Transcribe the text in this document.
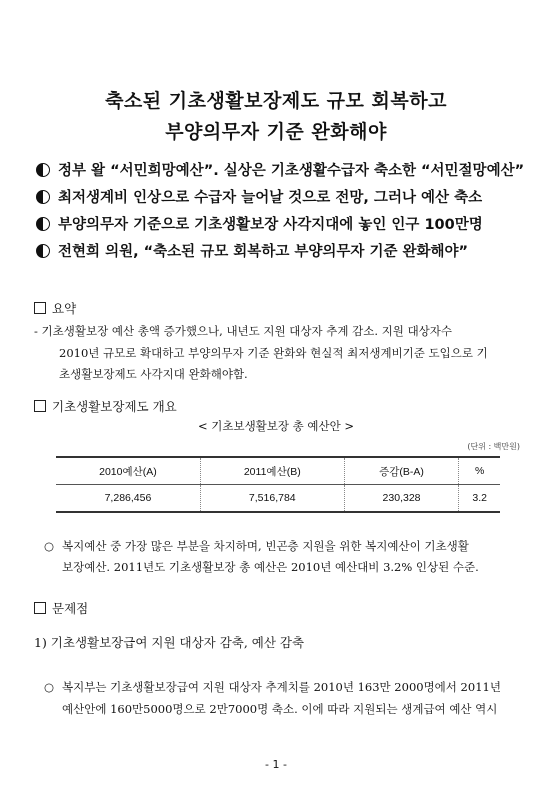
축소된 기초생활보장제도 규모 회복하고
부양의무자 기준 완화해야
정부 왈 “서민희망예산”. 실상은 기초생활수급자 축소한 “서민절망예산”
최저생계비 인상으로 수급자 늘어날 것으로 전망, 그러나 예산 축소
부양의무자 기준으로 기초생활보장 사각지대에 놓인 인구 100만명
전현희 의원, “축소된 규모 회복하고 부양의무자 기준 완화해야”
요약
- 기초생활보장 예산 총액 증가했으나, 내년도 지원 대상자 추계 감소. 지원 대상자수
2010년 규모로 확대하고 부양의무자 기준 완화와 현실적 최저생계비기준 도입으로 기
초생활보장제도 사각지대 완화해야함.
기초생활보장제도 개요
< 기초보생활보장 총 예산안 >
(단위 : 백만원)
2010예산(A)	2011예산(B)	증감(B-A)	%
7,286,456	7,516,784	230,328	3.2
○ 복지예산 중 가장 많은 부분을 차지하며, 빈곤층 지원을 위한 복지예산이 기초생활
보장예산. 2011년도 기초생활보장 총 예산은 2010년 예산대비 3.2% 인상된 수준.
문제점
1) 기초생활보장급여 지원 대상자 감축, 예산 감축
○ 복지부는 기초생활보장급여 지원 대상자 추계치를 2010년 163만 2000명에서 2011년
예산안에 160만5000명으로 2만7000명 축소. 이에 따라 지원되는 생계급여 예산 역시
- 1 -
